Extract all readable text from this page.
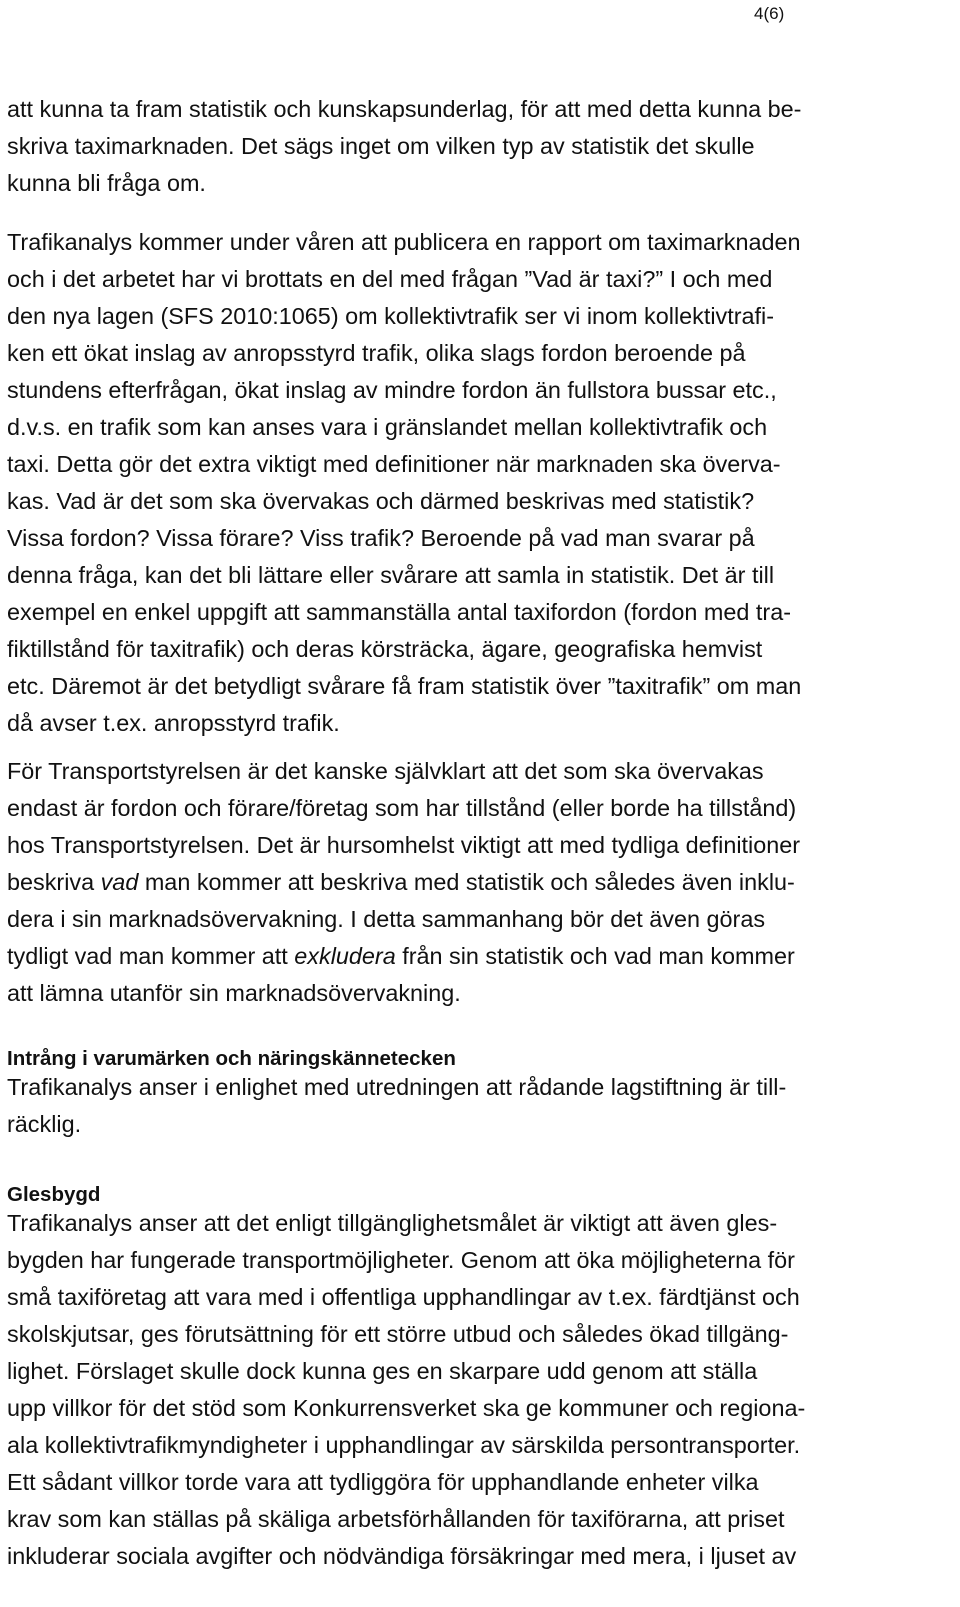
4(6)
att kunna ta fram statistik och kunskapsunderlag, för att med detta kunna be-
skriva taximarknaden. Det sägs inget om vilken typ av statistik det skulle
kunna bli fråga om.
Trafikanalys kommer under våren att publicera en rapport om taximarknaden
och i det arbetet har vi brottats en del med frågan ”Vad är taxi?” I och med
den nya lagen (SFS 2010:1065) om kollektivtrafik ser vi inom kollektivtrafi-
ken ett ökat inslag av anropsstyrd trafik, olika slags fordon beroende på
stundens efterfrågan, ökat inslag av mindre fordon än fullstora bussar etc.,
d.v.s. en trafik som kan anses vara i gränslandet mellan kollektivtrafik och
taxi. Detta gör det extra viktigt med definitioner när marknaden ska överva-
kas. Vad är det som ska övervakas och därmed beskrivas med statistik?
Vissa fordon? Vissa förare? Viss trafik? Beroende på vad man svarar på
denna fråga, kan det bli lättare eller svårare att samla in statistik. Det är till
exempel en enkel uppgift att sammanställa antal taxifordon (fordon med tra-
fiktillstånd för taxitrafik) och deras körsträcka, ägare, geografiska hemvist
etc. Däremot är det betydligt svårare få fram statistik över ”taxitrafik” om man
då avser t.ex. anropsstyrd trafik.
För Transportstyrelsen är det kanske självklart att det som ska övervakas
endast är fordon och förare/företag som har tillstånd (eller borde ha tillstånd)
hos Transportstyrelsen. Det är hursomhelst viktigt att med tydliga definitioner
beskriva vad man kommer att beskriva med statistik och således även inklu-
dera i sin marknadsövervakning. I detta sammanhang bör det även göras
tydligt vad man kommer att exkludera från sin statistik och vad man kommer
att lämna utanför sin marknadsövervakning.
Intrång i varumärken och näringskännetecken
Trafikanalys anser i enlighet med utredningen att rådande lagstiftning är till-
räcklig.
Glesbygd
Trafikanalys anser att det enligt tillgänglighetsmålet är viktigt att även gles-
bygden har fungerade transportmöjligheter. Genom att öka möjligheterna för
små taxiföretag att vara med i offentliga upphandlingar av t.ex. färdtjänst och
skolskjutsar, ges förutsättning för ett större utbud och således ökad tillgäng-
lighet. Förslaget skulle dock kunna ges en skarpare udd genom att ställa
upp villkor för det stöd som Konkurrensverket ska ge kommuner och regiona-
ala kollektivtrafikmyndigheter i upphandlingar av särskilda persontransporter.
Ett sådant villkor torde vara att tydliggöra för upphandlande enheter vilka
krav som kan ställas på skäliga arbetsförhållanden för taxiförarna, att priset
inkluderar sociala avgifter och nödvändiga försäkringar med mera, i ljuset av
